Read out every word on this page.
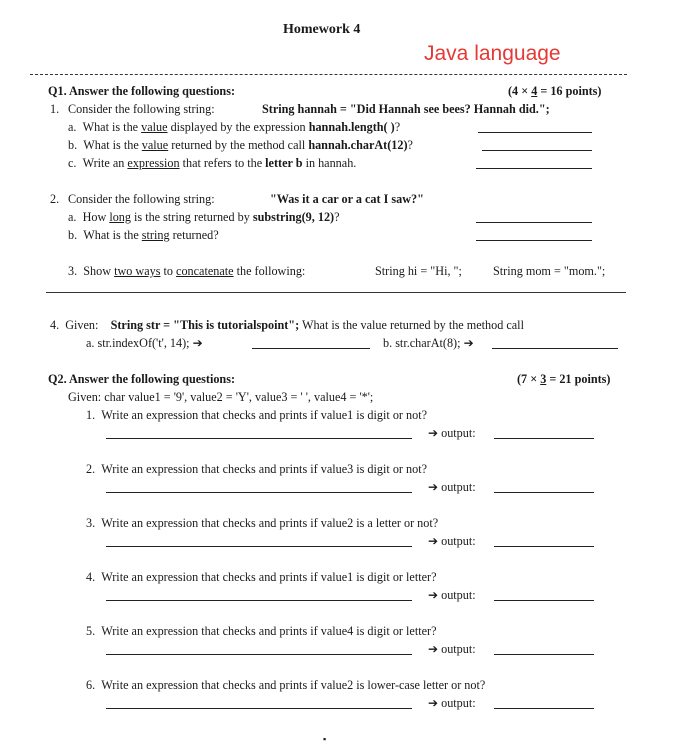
Homework 4
Java language
Q1. Answer the following questions:	(4 × 4 = 16 points)
1. Consider the following string:	String hannah = "Did Hannah see bees? Hannah did.";
a. What is the value displayed by the expression hannah.length( )?
b. What is the value returned by the method call hannah.charAt(12)?
c. Write an expression that refers to the letter b in hannah.
2. Consider the following string:	"Was it a car or a cat I saw?"
a. How long is the string returned by substring(9, 12)?
b. What is the string returned?
3. Show two ways to concatenate the following:	String hi = "Hi, ";	String mom = "mom.";
4. Given: String str = "This is tutorialspoint"; What is the value returned by the method call
a. str.indexOf('t', 14); ➔	b. str.charAt(8); ➔
Q2. Answer the following questions:	(7 × 3 = 21 points)
Given: char value1 = '9', value2 = 'Y', value3 = ' ', value4 = '*';
1. Write an expression that checks and prints if value1 is digit or not?
➔ output:
2. Write an expression that checks and prints if value3 is digit or not?
➔ output:
3. Write an expression that checks and prints if value2 is a letter or not?
➔ output:
4. Write an expression that checks and prints if value1 is digit or letter?
➔ output:
5. Write an expression that checks and prints if value4 is digit or letter?
➔ output:
6. Write an expression that checks and prints if value2 is lower-case letter or not?
➔ output:
▪
